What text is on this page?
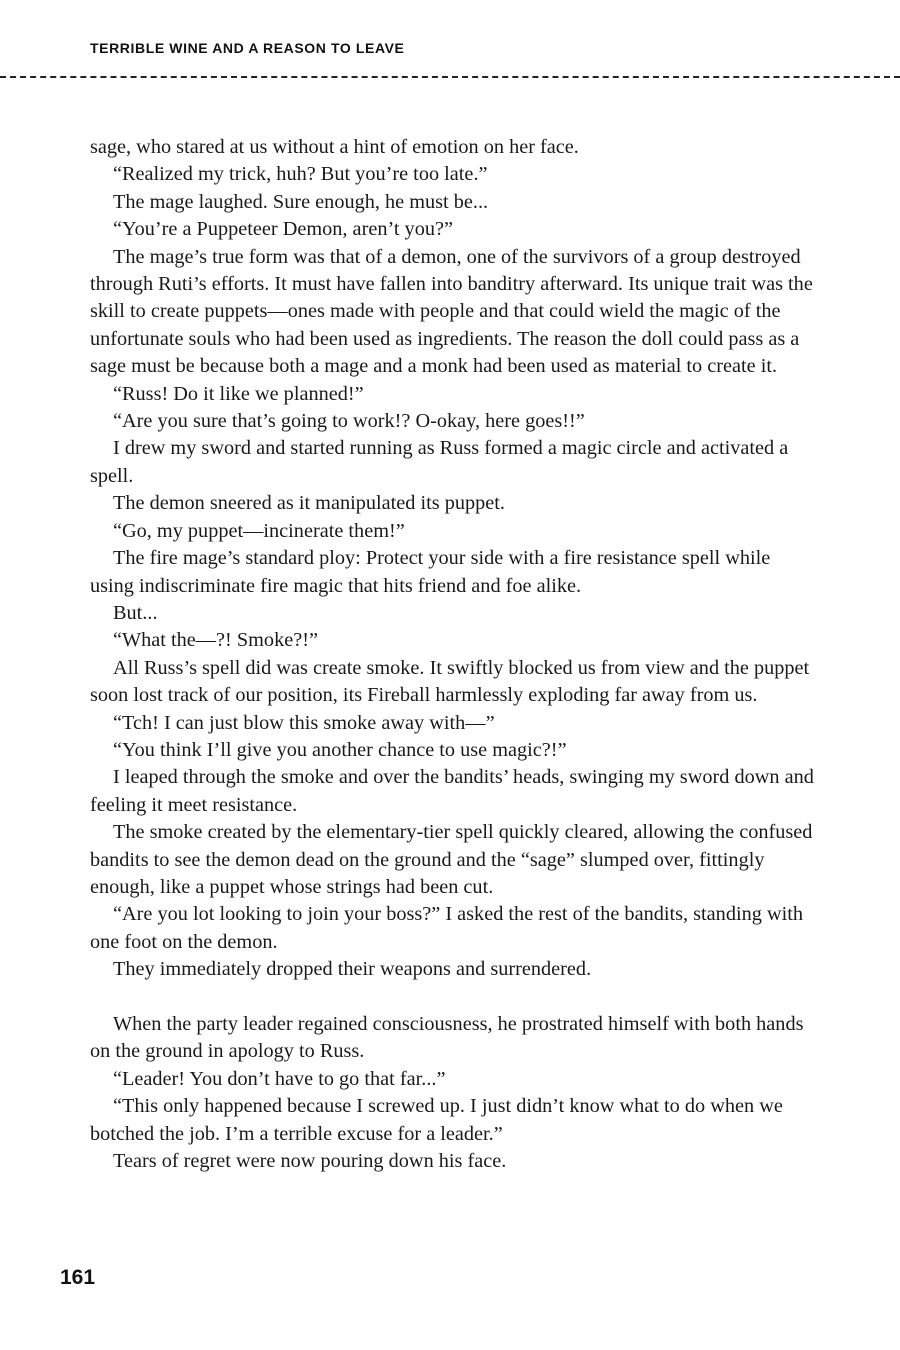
TERRIBLE WINE AND A REASON TO LEAVE

sage, who stared at us without a hint of emotion on her face.

“Realized my trick, huh? But you’re too late.”

The mage laughed. Sure enough, he must be...

“You’re a Puppeteer Demon, aren’t you?”

The mage’s true form was that of a demon, one of the survivors of a group destroyed through Ruti’s efforts. It must have fallen into banditry afterward. Its unique trait was the skill to create puppets—ones made with people and that could wield the magic of the unfortunate souls who had been used as ingredients. The reason the doll could pass as a sage must be because both a mage and a monk had been used as material to create it.

“Russ! Do it like we planned!”

“Are you sure that’s going to work!? O-okay, here goes!!”

I drew my sword and started running as Russ formed a magic circle and activated a spell.

The demon sneered as it manipulated its puppet.

“Go, my puppet—incinerate them!”

The fire mage’s standard ploy: Protect your side with a fire resistance spell while using indiscriminate fire magic that hits friend and foe alike.

But...

“What the—?! Smoke?!”

All Russ’s spell did was create smoke. It swiftly blocked us from view and the puppet soon lost track of our position, its Fireball harmlessly exploding far away from us.

“Tch! I can just blow this smoke away with—”

“You think I’ll give you another chance to use magic?!”

I leaped through the smoke and over the bandits’ heads, swinging my sword down and feeling it meet resistance.

The smoke created by the elementary-tier spell quickly cleared, allowing the confused bandits to see the demon dead on the ground and the “sage” slumped over, fittingly enough, like a puppet whose strings had been cut.

“Are you lot looking to join your boss?” I asked the rest of the bandits, standing with one foot on the demon.

They immediately dropped their weapons and surrendered.

When the party leader regained consciousness, he prostrated himself with both hands on the ground in apology to Russ.

“Leader! You don’t have to go that far...”

“This only happened because I screwed up. I just didn’t know what to do when we botched the job. I’m a terrible excuse for a leader.”

Tears of regret were now pouring down his face.

161
